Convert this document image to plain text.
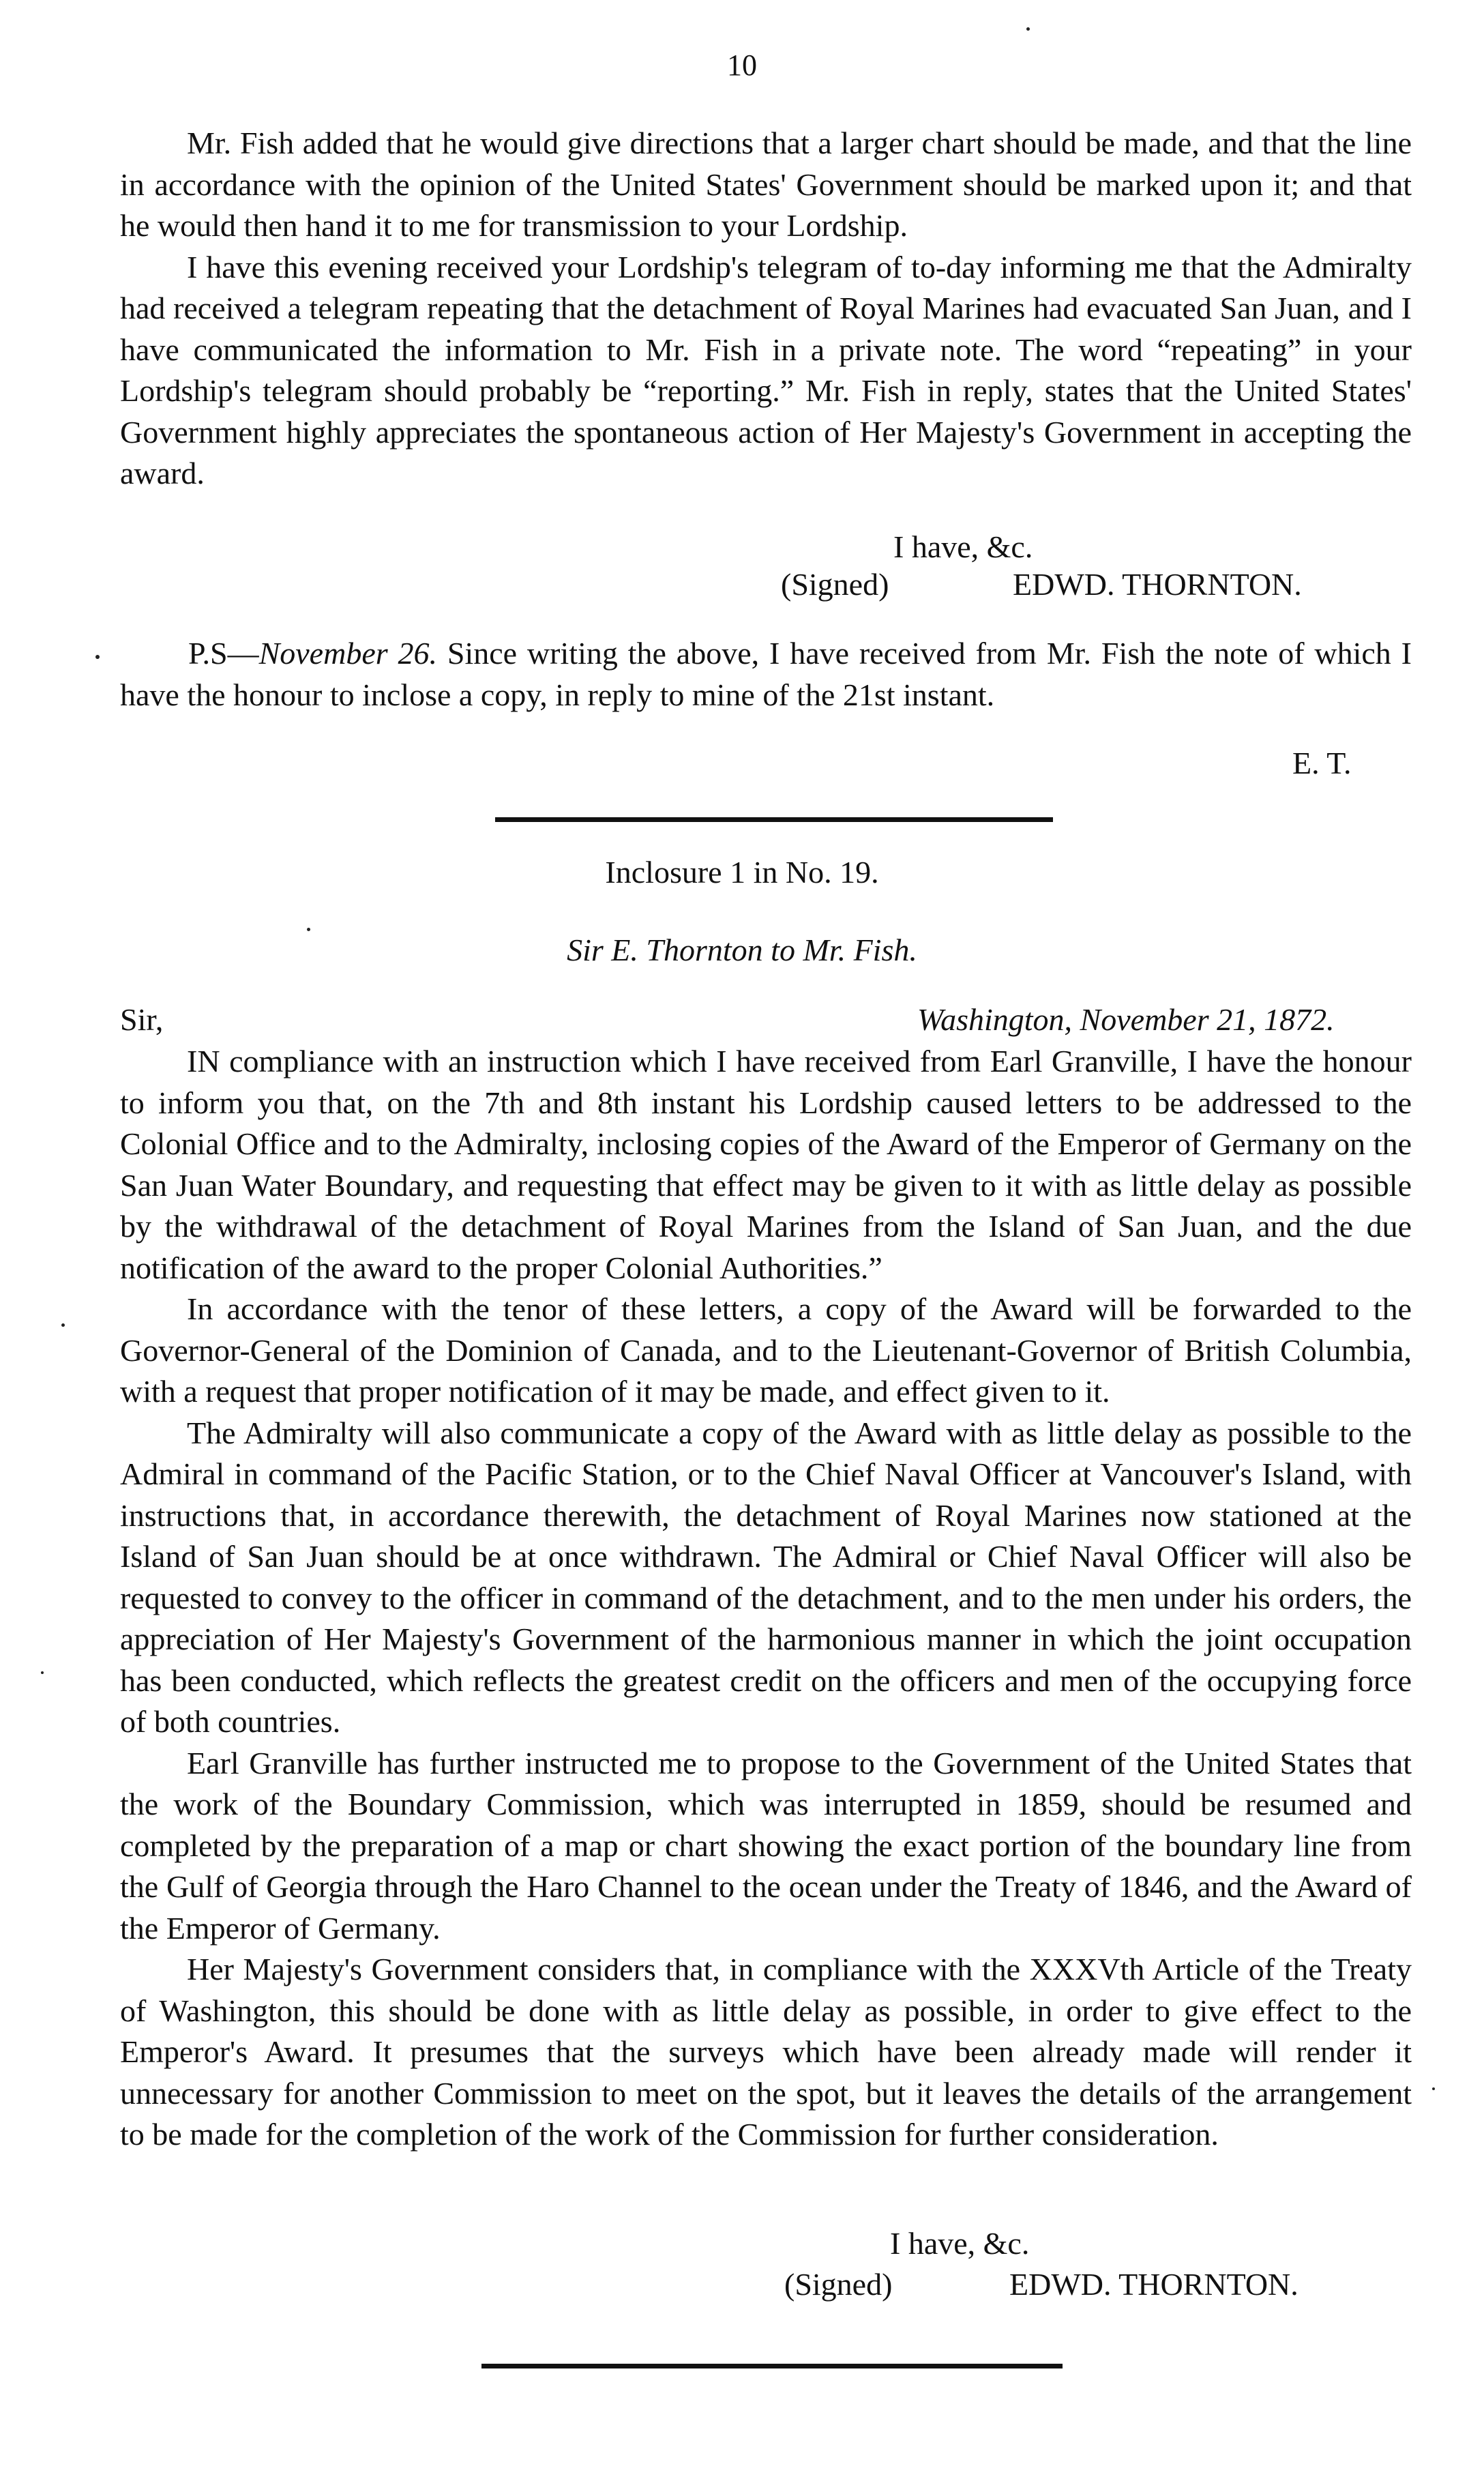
10

Mr. Fish added that he would give directions that a larger chart should be made, and that the line in accordance with the opinion of the United States' Government should be marked upon it; and that he would then hand it to me for transmission to your Lordship.

I have this evening received your Lordship's telegram of to-day informing me that the Admiralty had received a telegram repeating that the detachment of Royal Marines had evacuated San Juan, and I have communicated the information to Mr. Fish in a private note. The word “repeating” in your Lordship's telegram should probably be “reporting.” Mr. Fish in reply, states that the United States' Government highly appreciates the spontaneous action of Her Majesty's Government in accepting the award.

I have, &c.
(Signed)	EDWD. THORNTON.
P.S—November 26. Since writing the above, I have received from Mr. Fish the note of which I have the honour to inclose a copy, in reply to mine of the 21st instant.
E. T.
Inclosure 1 in No. 19.
Sir E. Thornton to Mr. Fish.
Sir,	Washington, November 21, 1872.

IN compliance with an instruction which I have received from Earl Granville, I have the honour to inform you that, on the 7th and 8th instant his Lordship caused letters to be addressed to the Colonial Office and to the Admiralty, inclosing copies of the Award of the Emperor of Germany on the San Juan Water Boundary, and requesting that effect may be given to it with as little delay as possible by the withdrawal of the detachment of Royal Marines from the Island of San Juan, and the due notification of the award to the proper Colonial Authorities.”

In accordance with the tenor of these letters, a copy of the Award will be forwarded to the Governor-General of the Dominion of Canada, and to the Lieutenant-Governor of British Columbia, with a request that proper notification of it may be made, and effect given to it.

The Admiralty will also communicate a copy of the Award with as little delay as possible to the Admiral in command of the Pacific Station, or to the Chief Naval Officer at Vancouver's Island, with instructions that, in accordance therewith, the detachment of Royal Marines now stationed at the Island of San Juan should be at once withdrawn. The Admiral or Chief Naval Officer will also be requested to convey to the officer in command of the detachment, and to the men under his orders, the appreciation of Her Majesty's Government of the harmonious manner in which the joint occupation has been conducted, which reflects the greatest credit on the officers and men of the occupying force of both countries.

Earl Granville has further instructed me to propose to the Government of the United States that the work of the Boundary Commission, which was interrupted in 1859, should be resumed and completed by the preparation of a map or chart showing the exact portion of the boundary line from the Gulf of Georgia through the Haro Channel to the ocean under the Treaty of 1846, and the Award of the Emperor of Germany.

Her Majesty's Government considers that, in compliance with the XXXVth Article of the Treaty of Washington, this should be done with as little delay as possible, in order to give effect to the Emperor's Award. It presumes that the surveys which have been already made will render it unnecessary for another Commission to meet on the spot, but it leaves the details of the arrangement to be made for the completion of the work of the Commission for further consideration.

I have, &c.
(Signed)	EDWD. THORNTON.
